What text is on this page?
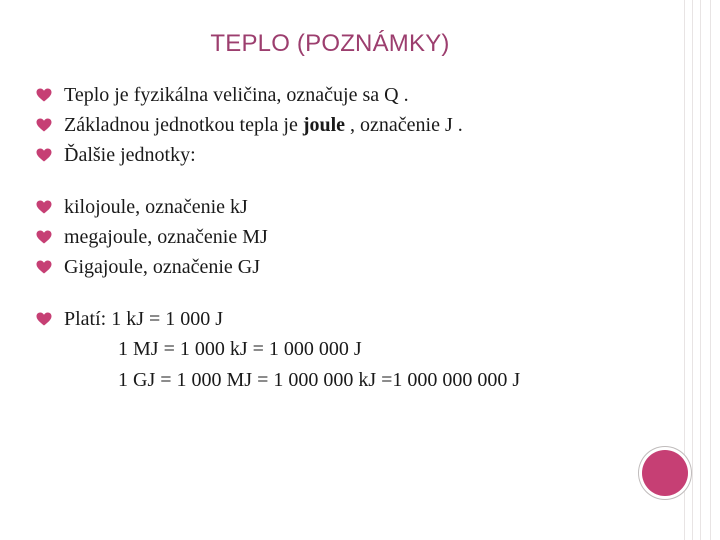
TEPLO (POZNÁMKY)
Teplo je fyzikálna veličina, označuje sa Q .
Základnou jednotkou tepla je joule , označenie J .
Ďalšie jednotky:
kilojoule, označenie kJ
megajoule, označenie MJ
Gigajoule, označenie GJ
Platí: 1 kJ = 1 000 J
1 MJ = 1 000 kJ = 1 000 000 J
1 GJ = 1 000 MJ = 1 000 000 kJ =1 000 000 000 J
